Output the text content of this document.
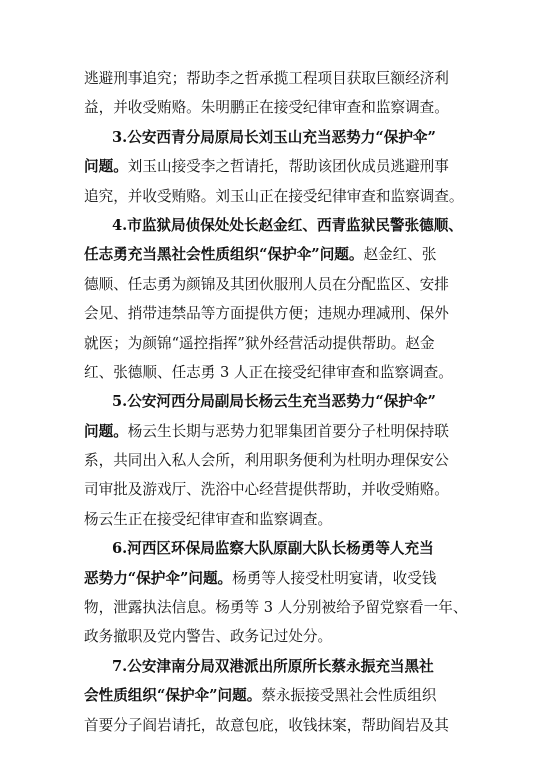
逃避刑事追究；帮助李之哲承揽工程项目获取巨额经济利
益，并收受贿赂。朱明鹏正在接受纪律审查和监察调查。
3.公安西青分局原局长刘玉山充当恶势力“保护伞”
问题。刘玉山接受李之哲请托，帮助该团伙成员逃避刑事
追究，并收受贿赂。刘玉山正在接受纪律审查和监察调查。
4.市监狱局侦保处处长赵金红、西青监狱民警张德顺、
任志勇充当黑社会性质组织“保护伞”问题。赵金红、张
德顺、任志勇为颜锦及其团伙服刑人员在分配监区、安排
会见、捎带违禁品等方面提供方便；违规办理减刑、保外
就医；为颜锦“遥控指挥”狱外经营活动提供帮助。赵金
红、张德顺、任志勇 3 人正在接受纪律审查和监察调查。
5.公安河西分局副局长杨云生充当恶势力“保护伞”
问题。杨云生长期与恶势力犯罪集团首要分子杜明保持联
系，共同出入私人会所，利用职务便利为杜明办理保安公
司审批及游戏厅、洗浴中心经营提供帮助，并收受贿赂。
杨云生正在接受纪律审查和监察调查。
6.河西区环保局监察大队原副大队长杨勇等人充当
恶势力“保护伞”问题。杨勇等人接受杜明宴请，收受钱
物，泄露执法信息。杨勇等 3 人分别被给予留党察看一年、
政务撤职及党内警告、政务记过处分。
7.公安津南分局双港派出所原所长蔡永振充当黑社
会性质组织“保护伞”问题。蔡永振接受黑社会性质组织
首要分子阎岩请托，故意包庇，收钱抹案，帮助阎岩及其
